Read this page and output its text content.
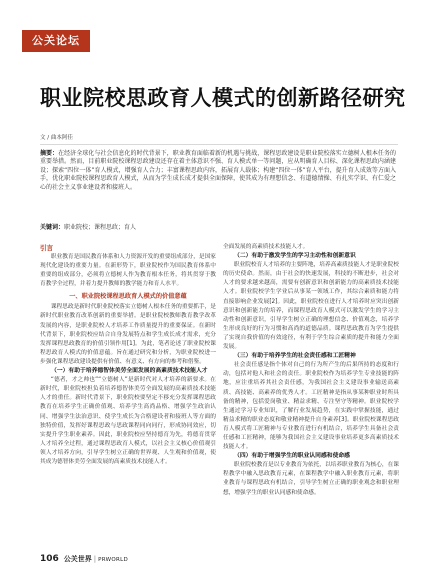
公关论坛
职业院校思政育人模式的创新路径研究
文 / 曲本阿佳
摘要：在经济全球化与社会信息化的时代背景下，职业教育面临着新的机遇与挑战，课程思政建设是职业院校落实立德树人根本任务的重要举措。然而，目前职业院校课程思政建设还存在着主体意识不强、育人模式单一等问题，应从明确育人目标、深化课程思政内涵建设；探索“四位一体”育人模式，增强育人合力；丰富课程思政内容，拓展育人载体；构建“四位一体”育人平台，提升育人成效等方面入手，优化职业院校课程思政育人模式，从而为学生成长成才提供全面保障，使其成为有理想信念、有道德情操、有扎实学识、有仁爱之心的社会主义事业建设者和接班人。
关键词：职业院校；课程思政；育人
引言

职业教育是国民教育体系和人力资源开发的重要组成部分，是国家现代化建设的重要力量。在新形势下，职业院校作为国民教育体系中重要的组成部分，必须将立德树人作为教育根本任务，将其贯穿于教育教学全过程，并着力提升教师的教学能力和育人水平。

一、职业院校课程思政育人模式的价值意蕴

课程思政是新时代职业院校落实立德树人根本任务的重要抓手，是新时代职业教育改革创新的重要举措。是职业院校教师教育教学改革发展的内容，是职业院校人才培养工作质量提升的重要保证。在新时代背景下，职业院校应结合自身发展特点和学生成长成才需求，充分发挥课程思政教育的价值引领作用[1]。为此，笔者论述了职业院校课程思政育人模式的价值意蕴。旨在通过研究和分析，为职业院校进一步强化课程思政建设提供有价值、有意义、有方向的参考和借鉴。

（一）有助于培养德智体美劳全面发展的高素质技术技能人才

“德者，才之帅也”“立德树人”是新时代对人才培养的新要求。在新时代，职业院校担负着培养德智体美劳全面发展的高素质技术技能人才的重任。新时代背景下，职业院校要坚定不移充分发挥课程思政教育在培养学生正确价值观、培养学生高尚品格、增强学生政治认同、增强学生法治意识、使学生成长为合格建设者和接班人等方面的独特价值，发挥好课程思政与思政课程同向同行，形成协同效应，切实提升学生职业素养。因此，职业院校应坚持德育为先，将德育贯穿人才培养全过程，通过课程思政育人模式，以社会主义核心价值观引领人才培养方向，引导学生树立正确的世界观、人生观和价值观，使其成为德智体美劳全面发展的高素质技术技能人才。

全面发展的高素质技术技能人才。

（二）有助于激发学生的学习主动性和创新意识

职业院校育人才培养的主要阵地，培养高素质技能人才是职业院校的历史使命。然而，由于社会的快速发展，科技的不断进步，社会对人才的要求越来越高，需要有创新意识和创新能力的高素质技术技能人才。职业院校学生学业后从事某一领域工作，其综合素质和能力将直接影响企业发展[2]。因此，职业院校在进行人才培养时应突出创新意识和创新能力的培养，而课程思政育人模式可以激发学生的学习主动性和创新意识，引导学生树立正确的理想信念、价值观念，培养学生形成良好的行为习惯和高尚的道德品质。课程思政教育为学生提供了实现自我价值的有效途径，有利于学生综合素质的提升和能力全面发展。

（三）有助于培养学生的社会责任感和工匠精神

社会责任感是指个体对自己的行为所产生的后果所持的态度和行动，包括对他人和社会的责任。职业院校作为培养学生专业技能的阵地，应注重培养其社会责任感，为我国社会主义建设事业输送高素质、高技能、高素养的优秀人才。工匠精神是指从事某种职业时所具备的精神，包括爱岗敬业、精益求精、专注坚守等精神。职业院校学生通过学习专业知识，了解行业发展趋势，在实践中掌握技能，通过精益求精的职业态度和敬业精神提升自身素养[3]。职业院校课程思政育人模式将工匠精神与专业教育进行有机结合，培养学生具备社会责任感和工匠精神，能够为我国社会主义建设事业培养更多高素质技术技能人才。

（四）有助于增强学生的职业认同感和使命感

职业院校教育是以专业教育为依托，以培养职业教育为核心，在课程教学中融入思政教育元素，在课程教学中融入职业教育元素，将职业教育与课程思政有机结合，引导学生树立正确的职业观念和职业理想，增强学生的职业认同感和使命感。

106 公关世界 | PRWORLD
